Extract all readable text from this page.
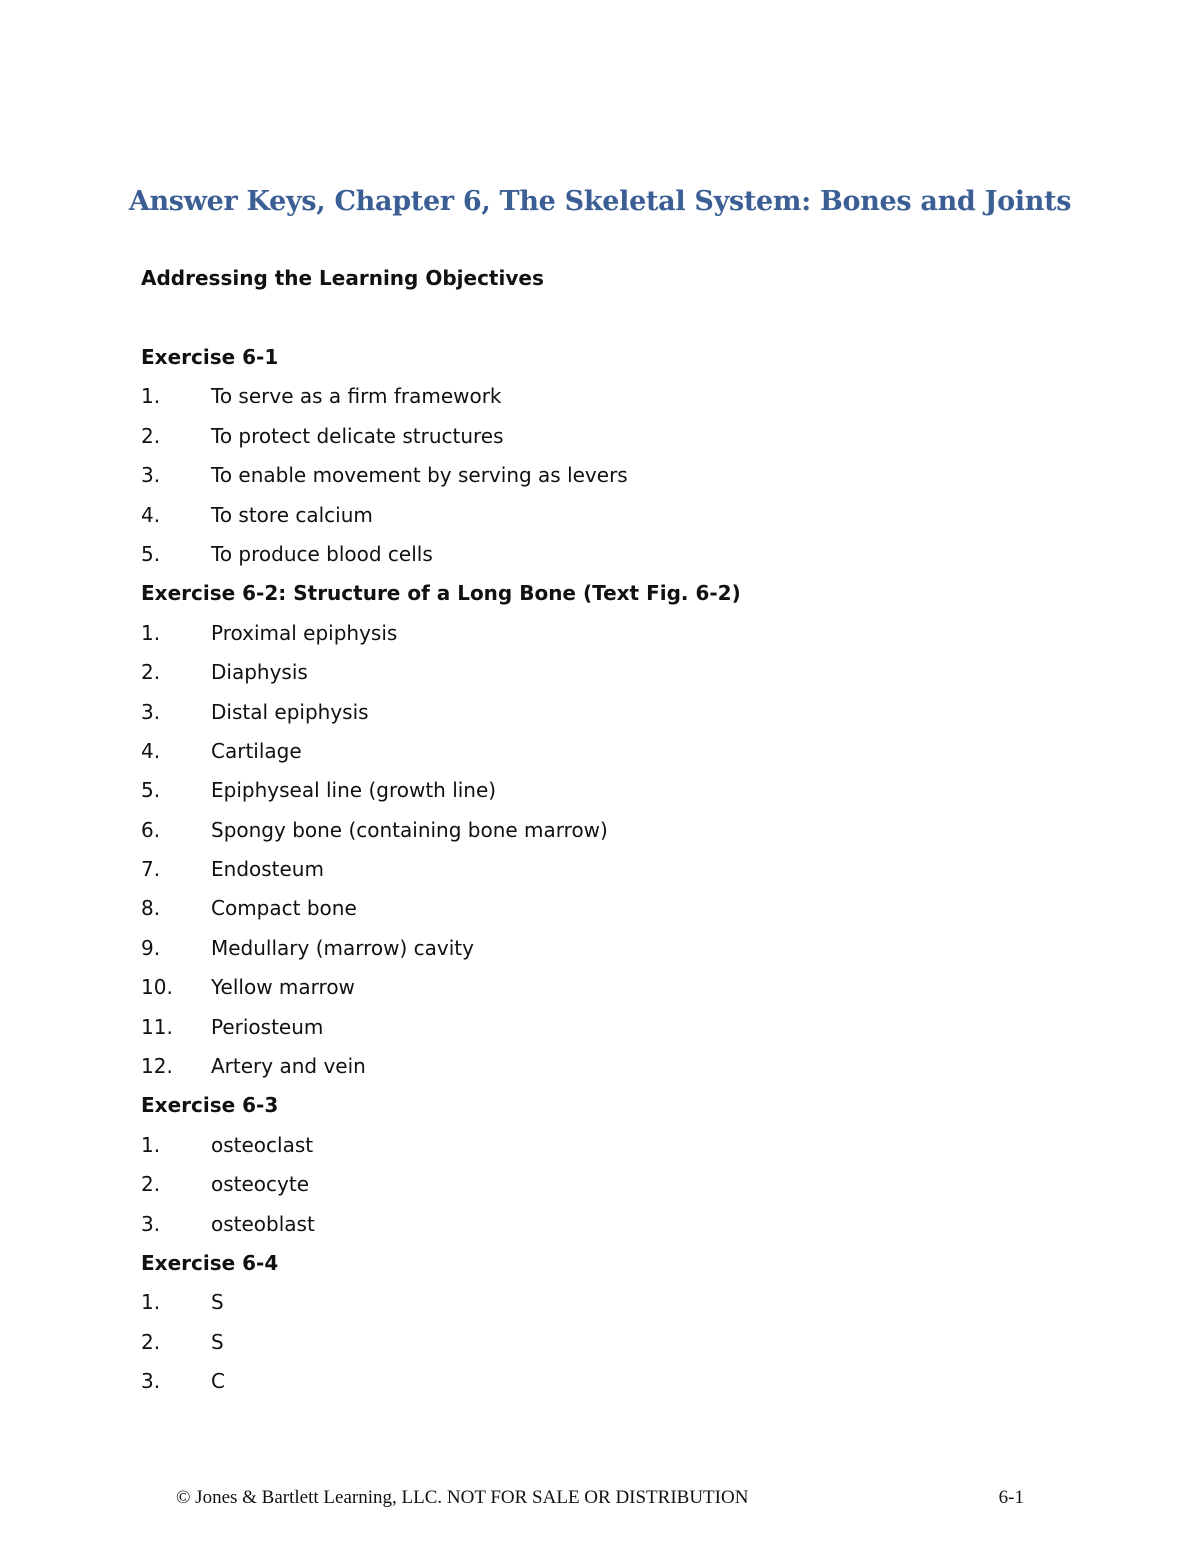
Answer Keys, Chapter 6, The Skeletal System: Bones and Joints
Addressing the Learning Objectives
Exercise 6-1
1.	To serve as a firm framework
2.	To protect delicate structures
3.	To enable movement by serving as levers
4.	To store calcium
5.	To produce blood cells
Exercise 6-2: Structure of a Long Bone (Text Fig. 6-2)
1.	Proximal epiphysis
2.	Diaphysis
3.	Distal epiphysis
4.	Cartilage
5.	Epiphyseal line (growth line)
6.	Spongy bone (containing bone marrow)
7.	Endosteum
8.	Compact bone
9.	Medullary (marrow) cavity
10.	Yellow marrow
11.	Periosteum
12.	Artery and vein
Exercise 6-3
1.	osteoclast
2.	osteocyte
3.	osteoblast
Exercise 6-4
1.	S
2.	S
3.	C
© Jones & Bartlett Learning, LLC. NOT FOR SALE OR DISTRIBUTION	6-1
